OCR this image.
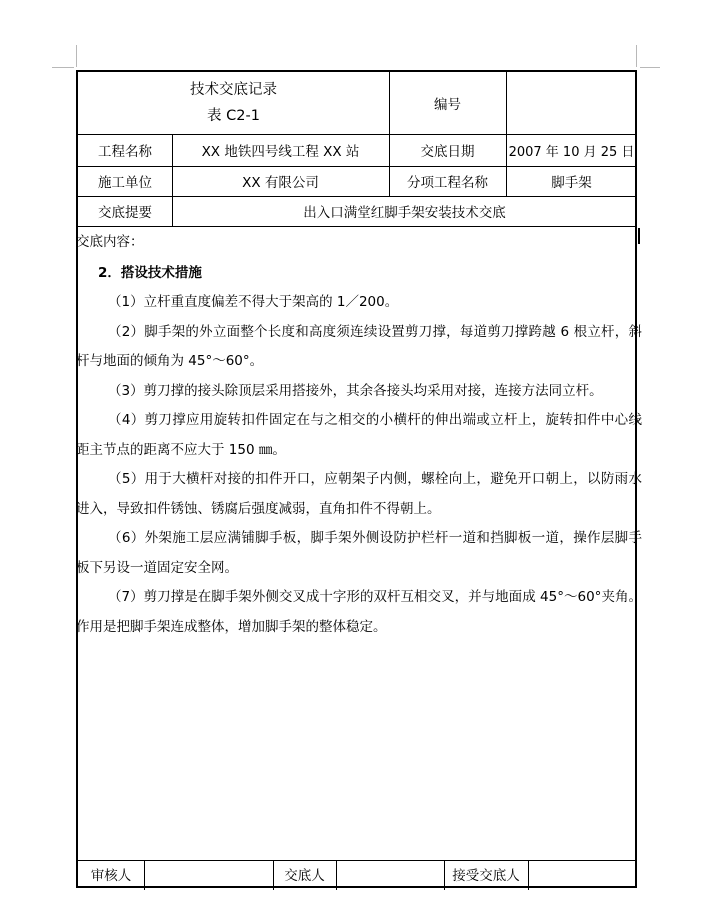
技术交底记录
表 C2-1
编号
工程名称	XX 地铁四号线工程 XX 站	交底日期	2007 年 10 月 25 日
施工单位	XX 有限公司	分项工程名称	脚手架
交底提要	出入口满堂红脚手架安装技术交底

交底内容：

2．搭设技术措施

（1）立杆重直度偏差不得大于架高的 1／200。

（2）脚手架的外立面整个长度和高度须连续设置剪刀撑，每道剪刀撑跨越 6 根立杆，斜杆与地面的倾角为 45°～60°。

（3）剪刀撑的接头除顶层采用搭接外，其余各接头均采用对接，连接方法同立杆。

（4）剪刀撑应用旋转扣件固定在与之相交的小横杆的伸出端或立杆上，旋转扣件中心线距主节点的距离不应大于 150 ㎜。

（5）用于大横杆对接的扣件开口，应朝架子内侧，螺栓向上，避免开口朝上，以防雨水进入，导致扣件锈蚀、锈腐后强度减弱，直角扣件不得朝上。

（6）外架施工层应满铺脚手板，脚手架外侧设防护栏杆一道和挡脚板一道，操作层脚手板下另设一道固定安全网。

（7）剪刀撑是在脚手架外侧交叉成十字形的双杆互相交叉，并与地面成 45°～60°夹角。作用是把脚手架连成整体，增加脚手架的整体稳定。

审核人	交底人	接受交底人
